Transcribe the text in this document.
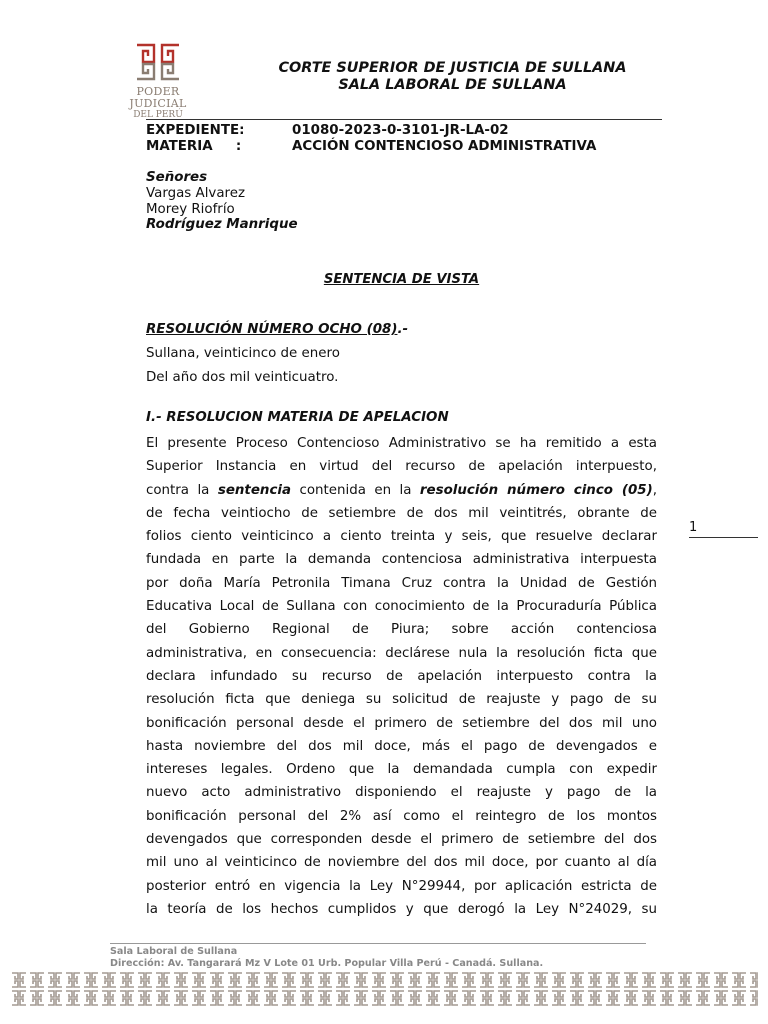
PODER JUDICIAL
DEL PERÚ
CORTE SUPERIOR DE JUSTICIA DE SULLANA
SALA LABORAL DE SULLANA
EXPEDIENTE:	01080-2023-0-3101-JR-LA-02
MATERIA     :	ACCIÓN CONTENCIOSO ADMINISTRATIVA
Señores
Vargas Alvarez
Morey Riofrío
Rodríguez Manrique
SENTENCIA DE VISTA
RESOLUCIÓN NÚMERO OCHO (08).-
Sullana, veinticinco de enero
Del año dos mil veinticuatro.
I.- RESOLUCION MATERIA DE APELACION
El presente Proceso Contencioso Administrativo se ha remitido a esta
Superior Instancia en virtud del recurso de apelación interpuesto,
contra la sentencia contenida en la resolución número cinco (05),
de fecha veintiocho de setiembre de dos mil veintitrés, obrante de
folios ciento veinticinco a ciento treinta y seis, que resuelve declarar
fundada en parte la demanda contenciosa administrativa interpuesta
por doña María Petronila Timana Cruz contra la Unidad de Gestión
Educativa Local de Sullana con conocimiento de la Procuraduría Pública
del Gobierno Regional de Piura; sobre acción contenciosa
administrativa, en consecuencia: declárese nula la resolución ficta que
declara infundado su recurso de apelación interpuesto contra la
resolución ficta que deniega su solicitud de reajuste y pago de su
bonificación personal desde el primero de setiembre del dos mil uno
hasta noviembre del dos mil doce, más el pago de devengados e
intereses legales. Ordeno que la demandada cumpla con expedir
nuevo acto administrativo disponiendo el reajuste y pago de la
bonificación personal del 2% así como el reintegro de los montos
devengados que corresponden desde el primero de setiembre del dos
mil uno al veinticinco de noviembre del dos mil doce, por cuanto al día
posterior entró en vigencia la Ley N°29944, por aplicación estricta de
la teoría de los hechos cumplidos y que derogó la Ley N°24029, su
1
Sala Laboral de Sullana
Dirección: Av. Tangarará Mz V Lote 01 Urb. Popular Villa Perú - Canadá. Sullana.
